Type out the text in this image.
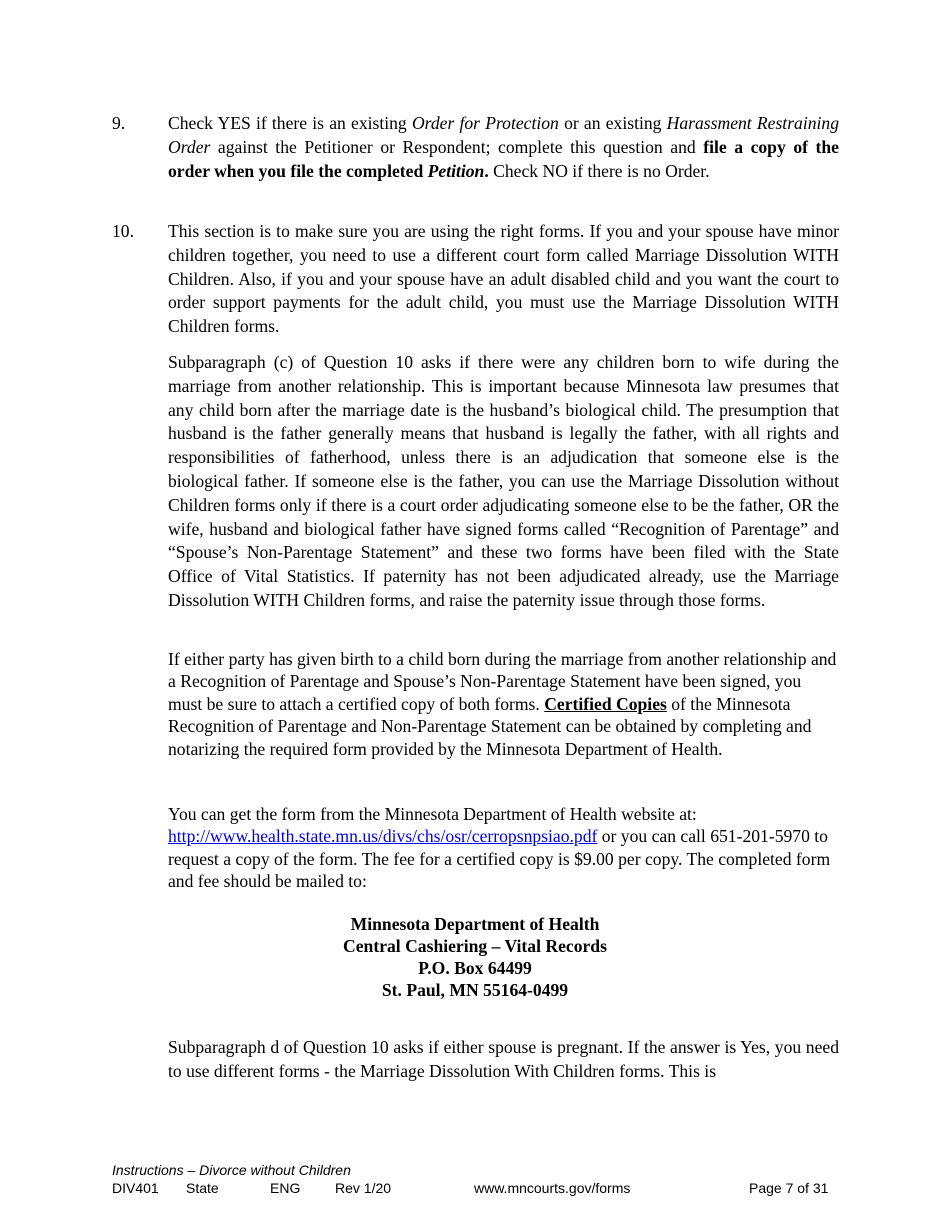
9. Check YES if there is an existing Order for Protection or an existing Harassment Restraining Order against the Petitioner or Respondent; complete this question and file a copy of the order when you file the completed Petition. Check NO if there is no Order.
10. This section is to make sure you are using the right forms. If you and your spouse have minor children together, you need to use a different court form called Marriage Dissolution WITH Children. Also, if you and your spouse have an adult disabled child and you want the court to order support payments for the adult child, you must use the Marriage Dissolution WITH Children forms.
Subparagraph (c) of Question 10 asks if there were any children born to wife during the marriage from another relationship. This is important because Minnesota law presumes that any child born after the marriage date is the husband’s biological child. The presumption that husband is the father generally means that husband is legally the father, with all rights and responsibilities of fatherhood, unless there is an adjudication that someone else is the biological father. If someone else is the father, you can use the Marriage Dissolution without Children forms only if there is a court order adjudicating someone else to be the father, OR the wife, husband and biological father have signed forms called “Recognition of Parentage” and “Spouse’s Non-Parentage Statement” and these two forms have been filed with the State Office of Vital Statistics. If paternity has not been adjudicated already, use the Marriage Dissolution WITH Children forms, and raise the paternity issue through those forms.
If either party has given birth to a child born during the marriage from another relationship and a Recognition of Parentage and Spouse’s Non-Parentage Statement have been signed, you must be sure to attach a certified copy of both forms. Certified Copies of the Minnesota Recognition of Parentage and Non-Parentage Statement can be obtained by completing and notarizing the required form provided by the Minnesota Department of Health.
You can get the form from the Minnesota Department of Health website at: http://www.health.state.mn.us/divs/chs/osr/cerropsnpsiao.pdf or you can call 651-201-5970 to request a copy of the form. The fee for a certified copy is $9.00 per copy. The completed form and fee should be mailed to:
Minnesota Department of Health
Central Cashiering – Vital Records
P.O. Box 64499
St. Paul, MN 55164-0499
Subparagraph d of Question 10 asks if either spouse is pregnant. If the answer is Yes, you need to use different forms - the Marriage Dissolution With Children forms. This is
Instructions – Divorce without Children
DIV401 State	ENG Rev 1/20	www.mncourts.gov/forms	Page 7 of 31
